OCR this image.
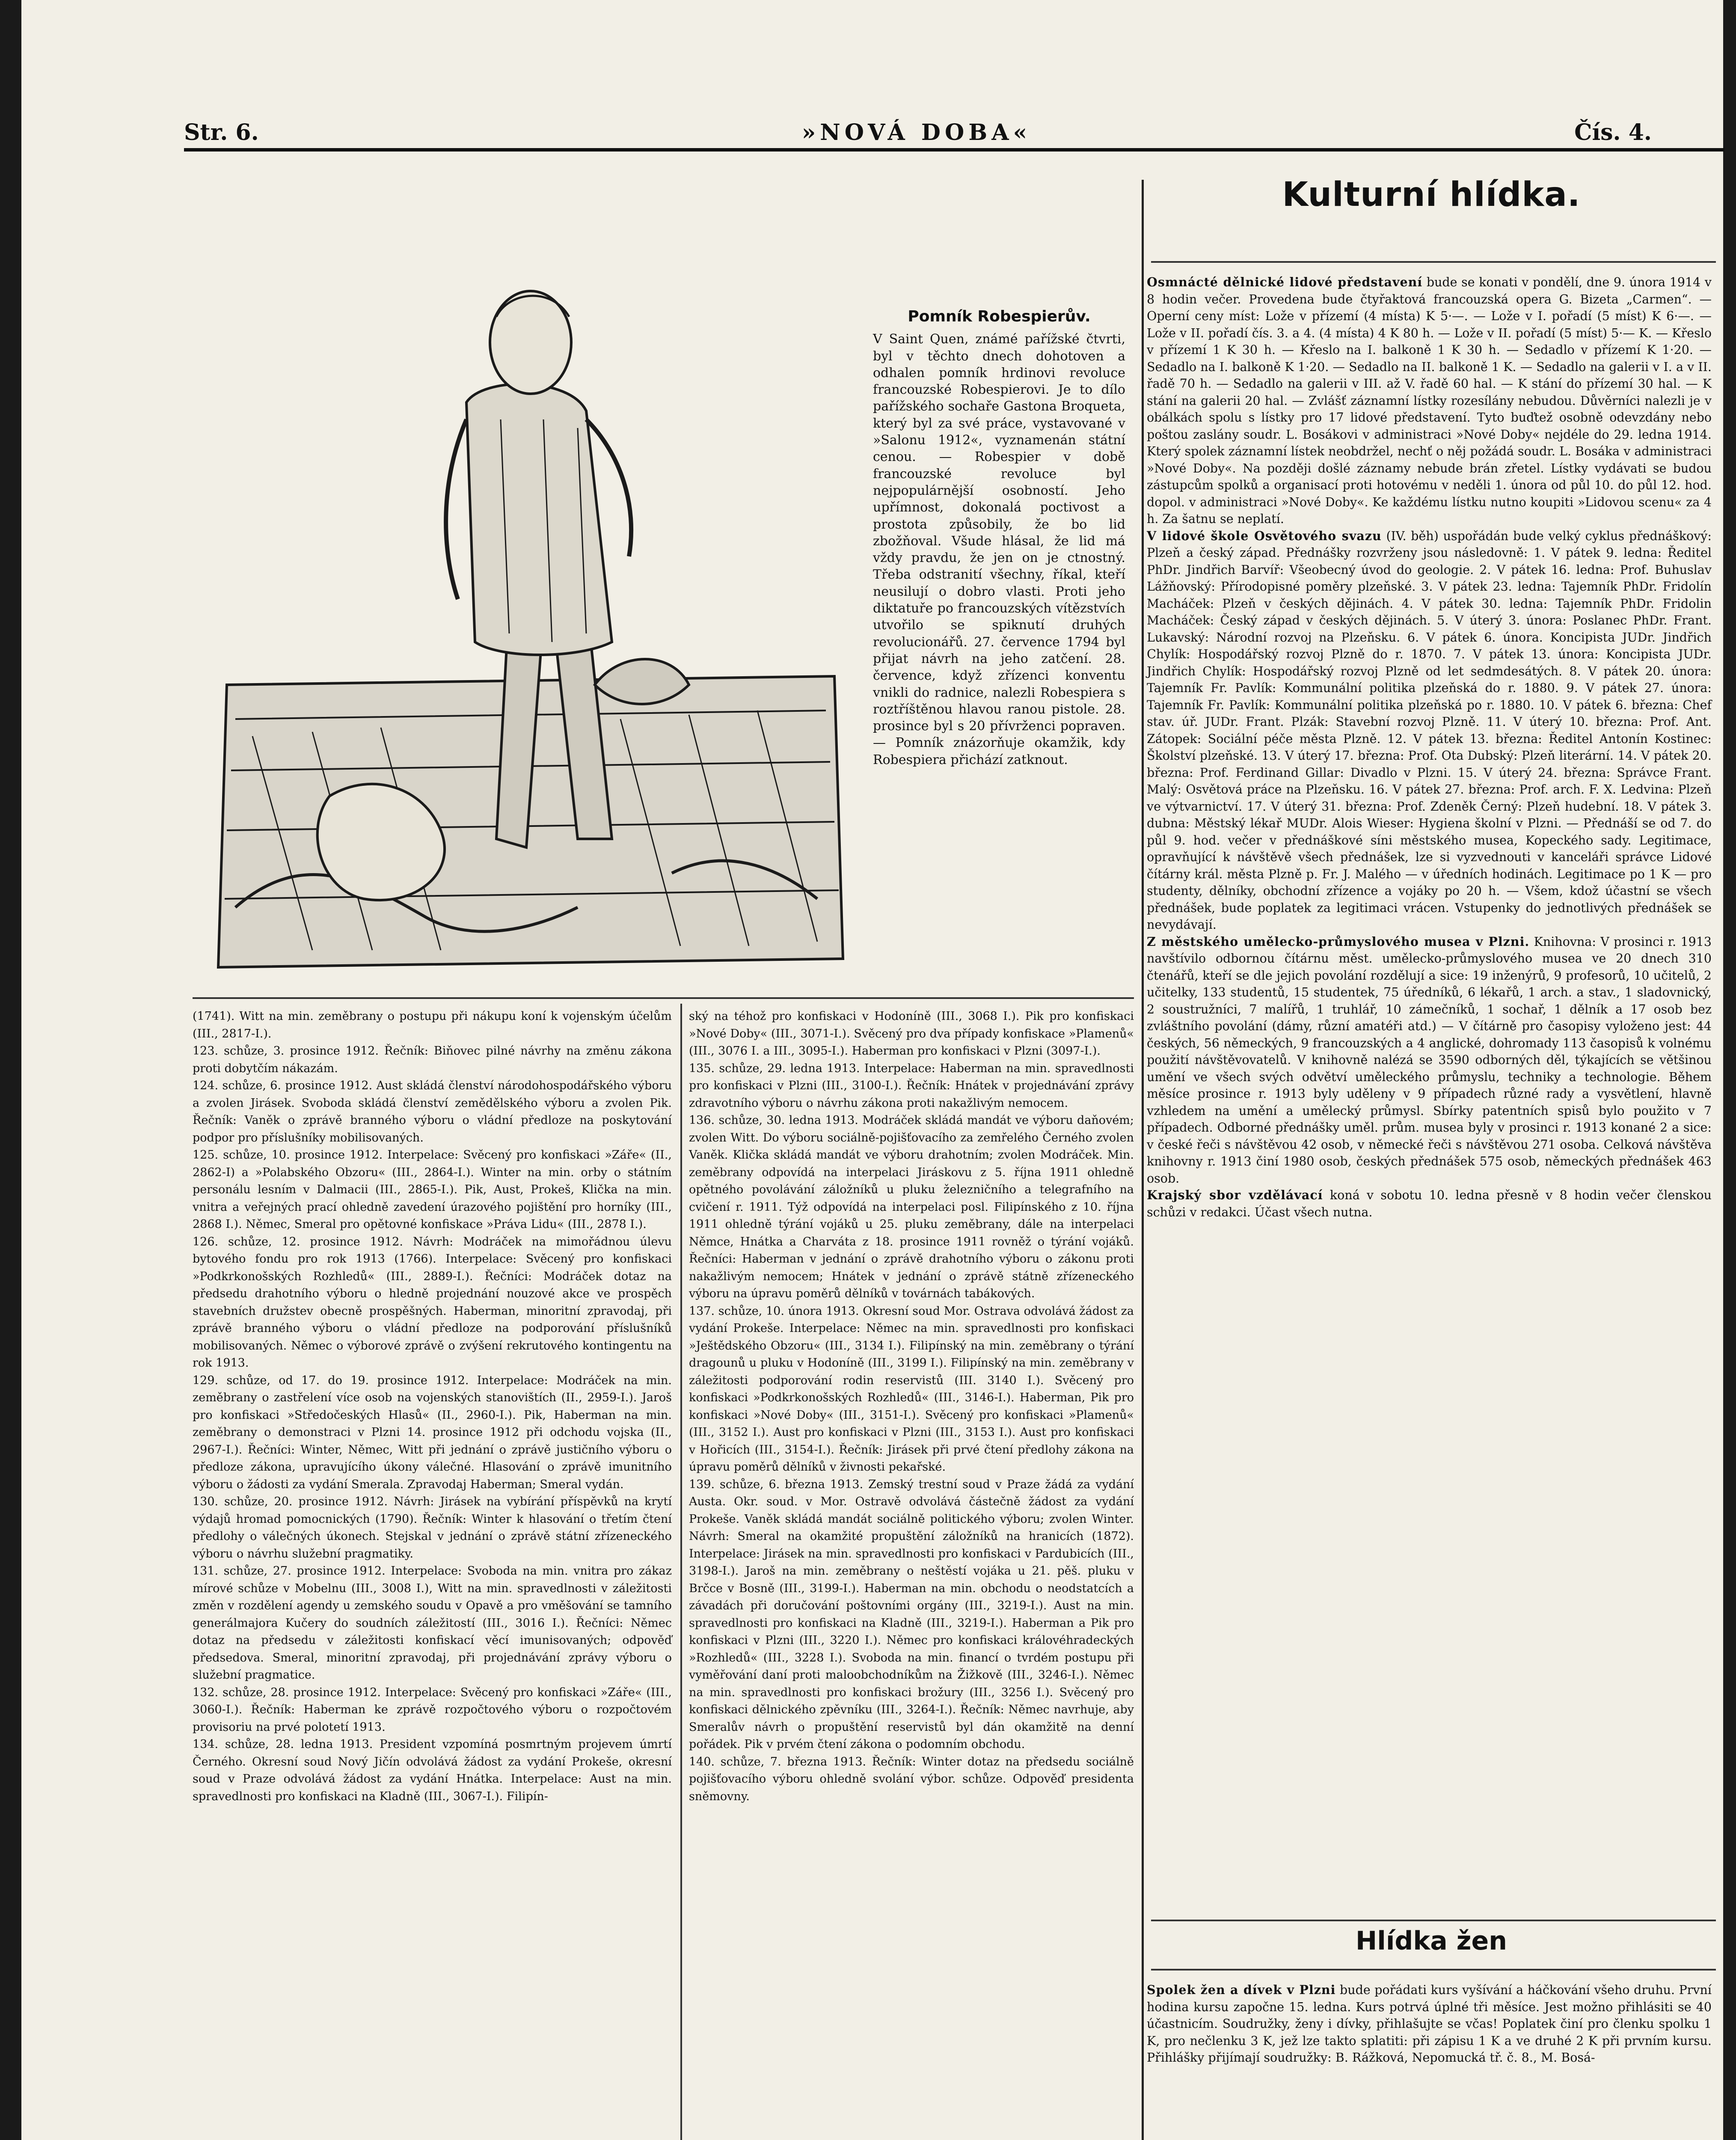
Str. 6.	»NOVÁ DOBA«	Čís. 4.

Pomník Robespierův.

V Saint Quen, známé pařížské čtvrti, byl v těchto dnech dohotoven a odhalen pomník hrdinovi revoluce francouzské Robespierovi. Je to dílo pařížského sochaře Gastona Broqueta, který byl za své práce, vystavované v »Salonu 1912«, vyznamenán státní cenou. — Robespier v době francouzské revoluce byl nejpopulárnější osobností. Jeho upřímnost, dokonalá poctivost a prostota způsobily, že bo lid zbožňoval. Všude hlásal, že lid má vždy pravdu, že jen on je ctnostný. Třeba odstranití všechny, říkal, kteří neusilují o dobro vlasti. Proti jeho diktatuře po francouzských vítězstvích utvořilo se spiknutí druhých revolucionářů. 27. července 1794 byl přijat návrh na jeho zatčení. 28. července, když zřízenci konventu vnikli do radnice, nalezli Robespiera s roztříštěnou hlavou ranou pistole. 28. prosince byl s 20 přívrženci popraven. — Pomník znázorňuje okamžik, kdy Robespiera přichází zatknout.

(1741). Witt na min. zeměbrany o postupu při nákupu koní k vojenským účelům (III., 2817-I.).

123. schůze, 3. prosince 1912. Řečník: Biňovec pilné návrhy na změnu zákona proti dobytčím nákazám.

124. schůze, 6. prosince 1912. Aust skládá členství národohospodářského výboru a zvolen Jirásek. Svoboda skládá členství zemědělského výboru a zvolen Pik. Řečník: Vaněk o zprávě branného výboru o vládní předloze na poskytování podpor pro příslušníky mobilisovaných.

125. schůze, 10. prosince 1912. Interpelace: Svěcený pro konfiskaci »Záře« (II., 2862-I) a »Polabského Obzoru« (III., 2864-I.). Winter na min. orby o státním personálu lesním v Dalmacii (III., 2865-I.). Pik, Aust, Prokeš, Klička na min. vnitra a veřejných prací ohledně zavedení úrazového pojištění pro horníky (III., 2868 I.). Němec, Smeral pro opětovné konfiskace »Práva Lidu« (III., 2878 I.).

126. schůze, 12. prosince 1912. Návrh: Modráček na mimořádnou úlevu bytového fondu pro rok 1913 (1766). Interpelace: Svěcený pro konfiskaci »Podkrkonošských Rozhledů« (III., 2889-I.). Řečníci: Modráček dotaz na předsedu drahotního výboru o hledně projednání nouzové akce ve prospěch stavebních družstev obecně prospěšných. Haberman, minoritní zpravodaj, při zprávě branného výboru o vládní předloze na podporování příslušníků mobilisovaných. Němec o výborové zprávě o zvýšení rekrutového kontingentu na rok 1913.

129. schůze, od 17. do 19. prosince 1912. Interpelace: Modráček na min. zeměbrany o zastřelení více osob na vojenských stanovištích (II., 2959-I.). Jaroš pro konfiskaci »Středočeských Hlasů« (II., 2960-I.). Pik, Haberman na min. zeměbrany o demonstraci v Plzni 14. prosince 1912 při odchodu vojska (II., 2967-I.). Řečníci: Winter, Němec, Witt při jednání o zprávě justičního výboru o předloze zákona, upravujícího úkony válečné. Hlasování o zprávě imunitního výboru o žádosti za vydání Smerala. Zpravodaj Haberman; Smeral vydán.

130. schůze, 20. prosince 1912. Návrh: Jirásek na vybírání příspěvků na krytí výdajů hromad pomocnických (1790). Řečník: Winter k hlasování o třetím čtení předlohy o válečných úkonech. Stejskal v jednání o zprávě státní zřízeneckého výboru o návrhu služební pragmatiky.

131. schůze, 27. prosince 1912. Interpelace: Svoboda na min. vnitra pro zákaz mírové schůze v Mobelnu (III., 3008 I.), Witt na min. spravedlnosti v záležitosti změn v rozdělení agendy u zemského soudu v Opavě a pro vměšování se tamního generálmajora Kučery do soudních záležitostí (III., 3016 I.). Řečníci: Němec dotaz na předsedu v záležitosti konfiskací věcí imunisovaných; odpověď předsedova. Smeral, minoritní zpravodaj, při projednávání zprávy výboru o služební pragmatice.

132. schůze, 28. prosince 1912. Interpelace: Svěcený pro konfiskaci »Záře« (III., 3060-I.). Řečník: Haberman ke zprávě rozpočtového výboru o rozpočtovém provisoriu na prvé polotetí 1913.

134. schůze, 28. ledna 1913. President vzpomíná posmrtným projevem úmrtí Černého. Okresní soud Nový Jičín odvolává žádost za vydání Prokeše, okresní soud v Praze odvolává žádost za vydání Hnátka. Interpelace: Aust na min. spravedlnosti pro konfiskaci na Kladně (III., 3067-I.). Filipín-

ský na téhož pro konfiskaci v Hodoníně (III., 3068 I.). Pik pro konfiskaci »Nové Doby« (III., 3071-I.). Svěcený pro dva případy konfiskace »Plamenů« (III., 3076 I. a III., 3095-I.). Haberman pro konfiskaci v Plzni (3097-I.).

135. schůze, 29. ledna 1913. Interpelace: Haberman na min. spravedlnosti pro konfiskaci v Plzni (III., 3100-I.). Řečník: Hnátek v projednávání zprávy zdravotního výboru o návrhu zákona proti nakažlivým nemocem.

136. schůze, 30. ledna 1913. Modráček skládá mandát ve výboru daňovém; zvolen Witt. Do výboru sociálně-pojišťovacího za zemřelého Černého zvolen Vaněk. Klička skládá mandát ve výboru drahotním; zvolen Modráček. Min. zeměbrany odpovídá na interpelaci Jiráskovu z 5. října 1911 ohledně opětného povolávání záložníků u pluku železničního a telegrafního na cvičení r. 1911. Týž odpovídá na interpelaci posl. Filipínského z 10. října 1911 ohledně týrání vojáků u 25. pluku zeměbrany, dále na interpelaci Němce, Hnátka a Charváta z 18. prosince 1911 rovněž o týrání vojáků. Řečníci: Haberman v jednání o zprávě drahotního výboru o zákonu proti nakažlivým nemocem; Hnátek v jednání o zprávě státně zřízeneckého výboru na úpravu poměrů dělníků v továrnách tabákových.

137. schůze, 10. února 1913. Okresní soud Mor. Ostrava odvolává žádost za vydání Prokeše. Interpelace: Němec na min. spravedlnosti pro konfiskaci »Ještědského Obzoru« (III., 3134 I.). Filipínský na min. zeměbrany o týrání dragounů u pluku v Hodoníně (III., 3199 I.). Filipínský na min. zeměbrany v záležitosti podporování rodin reservistů (III. 3140 I.). Svěcený pro konfiskaci »Podkrkonošských Rozhledů« (III., 3146-I.). Haberman, Pik pro konfiskaci »Nové Doby« (III., 3151-I.). Svěcený pro konfiskaci »Plamenů« (III., 3152 I.). Aust pro konfiskaci v Plzni (III., 3153 I.). Aust pro konfiskaci v Hořicích (III., 3154-I.). Řečník: Jirásek při prvé čtení předlohy zákona na úpravu poměrů dělníků v živnosti pekařské.

139. schůze, 6. března 1913. Zemský trestní soud v Praze žádá za vydání Austa. Okr. soud. v Mor. Ostravě odvolává částečně žádost za vydání Prokeše. Vaněk skládá mandát sociálně politického výboru; zvolen Winter. Návrh: Smeral na okamžité propuštění záložníků na hranicích (1872). Interpelace: Jirásek na min. spravedlnosti pro konfiskaci v Pardubicích (III., 3198-I.). Jaroš na min. zeměbrany o neštěstí vojáka u 21. pěš. pluku v Brčce v Bosně (III., 3199-I.). Haberman na min. obchodu o neodstatcích a závadách při doručování poštovními orgány (III., 3219-I.). Aust na min. spravedlnosti pro konfiskaci na Kladně (III., 3219-I.). Haberman a Pik pro konfiskaci v Plzni (III., 3220 I.). Němec pro konfiskaci královéhradeckých »Rozhledů« (III., 3228 I.). Svoboda na min. financí o tvrdém postupu při vyměřování daní proti maloobchodníkům na Žižkově (III., 3246-I.). Němec na min. spravedlnosti pro konfiskaci brožury (III., 3256 I.). Svěcený pro konfiskaci dělnického zpěvníku (III., 3264-I.). Řečník: Němec navrhuje, aby Smeralův návrh o propuštění reservistů byl dán okamžitě na denní pořádek. Pik v prvém čtení zákona o podomním obchodu.

140. schůze, 7. března 1913. Řečník: Winter dotaz na předsedu sociálně pojišťovacího výboru ohledně svolání výbor. schůze. Odpověď presidenta sněmovny.

Kulturní hlídka.

Osmnácté dělnické lidové představení bude se konati v pondělí, dne 9. února 1914 v 8 hodin večer. Provedena bude čtyřaktová francouzská opera G. Bizeta „Carmen“. — Operní ceny míst: Lože v přízemí (4 místa) K 5·—. — Lože v I. pořadí (5 míst) K 6·—. — Lože v II. pořadí čís. 3. a 4. (4 místa) 4 K 80 h. — Lože v II. pořadí (5 míst) 5·— K. — Křeslo v přízemí 1 K 30 h. — Křeslo na I. balkoně 1 K 30 h. — Sedadlo v přízemí K 1·20. — Sedadlo na I. balkoně K 1·20. — Sedadlo na II. balkoně 1 K. — Sedadlo na galerii v I. a v II. řadě 70 h. — Sedadlo na galerii v III. až V. řadě 60 hal. — K stání do přízemí 30 hal. — K stání na galerii 20 hal. — Zvlášť záznamní lístky rozesílány nebudou. Důvěrníci nalezli je v obálkách spolu s lístky pro 17 lidové představení. Tyto buďtež osobně odevzdány nebo poštou zaslány soudr. L. Bosákovi v administraci »Nové Doby« nejdéle do 29. ledna 1914. Který spolek záznamní lístek neobdržel, nechť o něj požádá soudr. L. Bosáka v administraci »Nové Doby«. Na později došlé záznamy nebude brán zřetel. Lístky vydávati se budou zástupcům spolků a organisací proti hotovému v neděli 1. února od půl 10. do půl 12. hod. dopol. v administraci »Nové Doby«. Ke každému lístku nutno koupiti »Lidovou scenu« za 4 h. Za šatnu se neplatí.

V lidové škole Osvětového svazu (IV. běh) uspořádán bude velký cyklus přednáškový: Plzeň a český západ. Přednášky rozvrženy jsou následovně: 1. V pátek 9. ledna: Ředitel PhDr. Jindřich Barvíř: Všeobecný úvod do geologie. 2. V pátek 16. ledna: Prof. Buhuslav Lážňovský: Přírodopisné poměry plzeňské. 3. V pátek 23. ledna: Tajemník PhDr. Fridolín Macháček: Plzeň v českých dějinách. 4. V pátek 30. ledna: Tajemník PhDr. Fridolin Macháček: Český západ v českých dějinách. 5. V úterý 3. února: Poslanec PhDr. Frant. Lukavský: Národní rozvoj na Plzeňsku. 6. V pátek 6. února. Koncipista JUDr. Jindřich Chylík: Hospodářský rozvoj Plzně do r. 1870. 7. V pátek 13. února: Koncipista JUDr. Jindřich Chylík: Hospodářský rozvoj Plzně od let sedmdesátých. 8. V pátek 20. února: Tajemník Fr. Pavlík: Kommunální politika plzeňská do r. 1880. 9. V pátek 27. února: Tajemník Fr. Pavlík: Kommunální politika plzeňská po r. 1880. 10. V pátek 6. března: Chef stav. úř. JUDr. Frant. Plzák: Stavební rozvoj Plzně. 11. V úterý 10. března: Prof. Ant. Zátopek: Sociální péče města Plzně. 12. V pátek 13. března: Ředitel Antonín Kostinec: Školství plzeňské. 13. V úterý 17. března: Prof. Ota Dubský: Plzeň literární. 14. V pátek 20. března: Prof. Ferdinand Gillar: Divadlo v Plzni. 15. V úterý 24. března: Správce Frant. Malý: Osvětová práce na Plzeňsku. 16. V pátek 27. března: Prof. arch. F. X. Ledvina: Plzeň ve výtvarnictví. 17. V úterý 31. března: Prof. Zdeněk Černý: Plzeň hudební. 18. V pátek 3. dubna: Městský lékař MUDr. Alois Wieser: Hygiena školní v Plzni. — Přednáší se od 7. do půl 9. hod. večer v přednáškové síni městského musea, Kopeckého sady. Legitimace, opravňující k návštěvě všech přednášek, lze si vyzvednouti v kanceláři správce Lidové čítárny král. města Plzně p. Fr. J. Malého — v úředních hodinách. Legitimace po 1 K — pro studenty, dělníky, obchodní zřízence a vojáky po 20 h. — Všem, kdož účastní se všech přednášek, bude poplatek za legitimaci vrácen. Vstupenky do jednotlivých přednášek se nevydávají.

Z městského umělecko-průmyslového musea v Plzni. Knihovna: V prosinci r. 1913 navštívilo odbornou čítárnu měst. umělecko-průmyslového musea ve 20 dnech 310 čtenářů, kteří se dle jejich povolání rozdělují a sice: 19 inženýrů, 9 profesorů, 10 učitelů, 2 učitelky, 133 studentů, 15 studentek, 75 úředníků, 6 lékařů, 1 arch. a stav., 1 sladovnický, 2 soustružníci, 7 malířů, 1 truhlář, 10 zámečníků, 1 sochař, 1 dělník a 17 osob bez zvláštního povolání (dámy, různí amatéři atd.) — V čítárně pro časopisy vyloženo jest: 44 českých, 56 německých, 9 francouzských a 4 anglické, dohromady 113 časopisů k volnému použití návštěvovatelů. V knihovně nalézá se 3590 odborných děl, týkajících se většinou umění ve všech svých odvětví uměleckého průmyslu, techniky a technologie. Během měsíce prosince r. 1913 byly uděleny v 9 případech různé rady a vysvětlení, hlavně vzhledem na umění a umělecký průmysl. Sbírky patentních spisů bylo použito v 7 případech. Odborné přednášky uměl. prům. musea byly v prosinci r. 1913 konané 2 a sice: v české řeči s návštěvou 42 osob, v německé řeči s návštěvou 271 osoba. Celková návštěva knihovny r. 1913 činí 1980 osob, českých přednášek 575 osob, německých přednášek 463 osob.

Krajský sbor vzdělávací koná v sobotu 10. ledna přesně v 8 hodin večer členskou schůzi v redakci. Účast všech nutna.

Hlídka žen

Spolek žen a dívek v Plzni bude pořádati kurs vyšívání a háčkování všeho druhu. První hodina kursu započne 15. ledna. Kurs potrvá úplné tři měsíce. Jest možno přihlásiti se 40 účastnicím. Soudružky, ženy i dívky, přihlašujte se včas! Poplatek činí pro členku spolku 1 K, pro nečlenku 3 K, jež lze takto splatiti: při zápisu 1 K a ve druhé 2 K při prvním kursu. Přihlášky přijímají soudružky: B. Rážková, Nepomucká tř. č. 8., M. Bosá-
